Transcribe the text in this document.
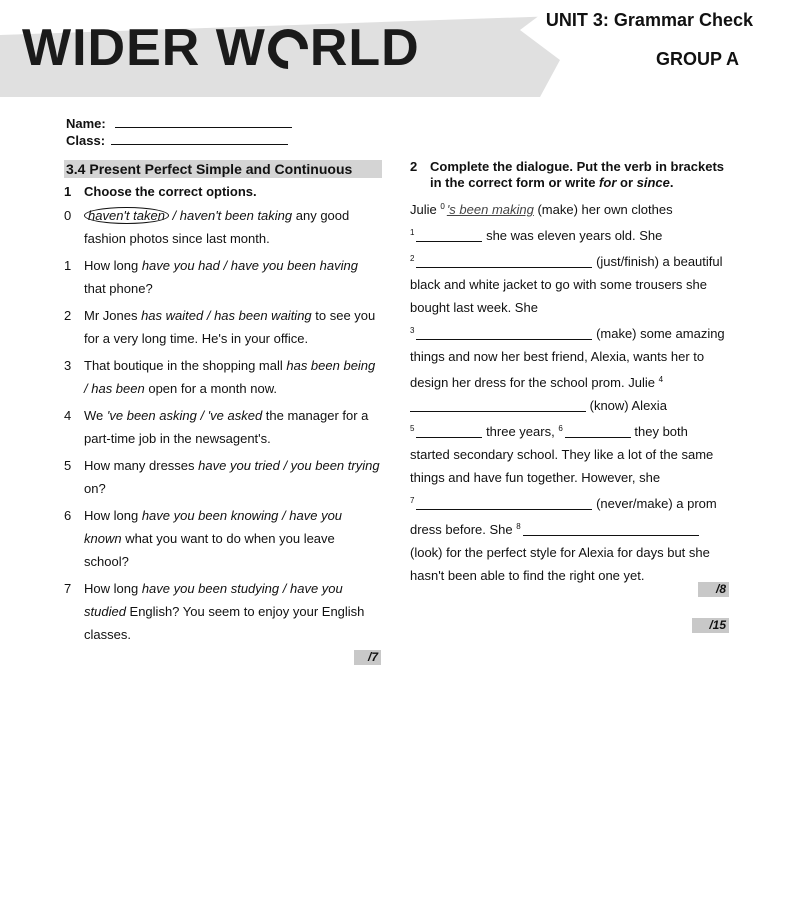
WIDER W RLD	UNIT 3: Grammar Check
GROUP A
Name:
Class:
3.4 Present Perfect Simple and Continuous
1 Choose the correct options.
0	haven't taken / haven't been taking any good fashion photos since last month.
1 How long have you had / have you been having that phone?
2 Mr Jones has waited / has been waiting to see you for a very long time. He's in your office.
3 That boutique in the shopping mall has been being / has been open for a month now.
4 We 've been asking / 've asked the manager for a part-time job in the newsagent's.
5 How many dresses have you tried / you been trying on?
6 How long have you been knowing / have you known what you want to do when you leave school?
7 How long have you been studying / have you studied English? You seem to enjoy your English classes.
/7
2 Complete the dialogue. Put the verb in brackets in the correct form or write for or since.
Julie $^0$ 's been making (make) her own clothes
$^1$	she was eleven years old. She
$^2$	(just/finish) a beautiful black and white jacket to go with some trousers she bought last week. She
$^3$	(make) some amazing things and now her best friend, Alexia, wants her to design her dress for the school prom. Julie $^4$ (know) Alexia
$^5$	three years, $^6$	they both started secondary school. They like a lot of the same things and have fun together. However, she
$^7$	(never/make) a prom dress before. She $^8$ (look) for the perfect style for Alexia for days but she hasn't been able to find the right one yet.
/8
/15
